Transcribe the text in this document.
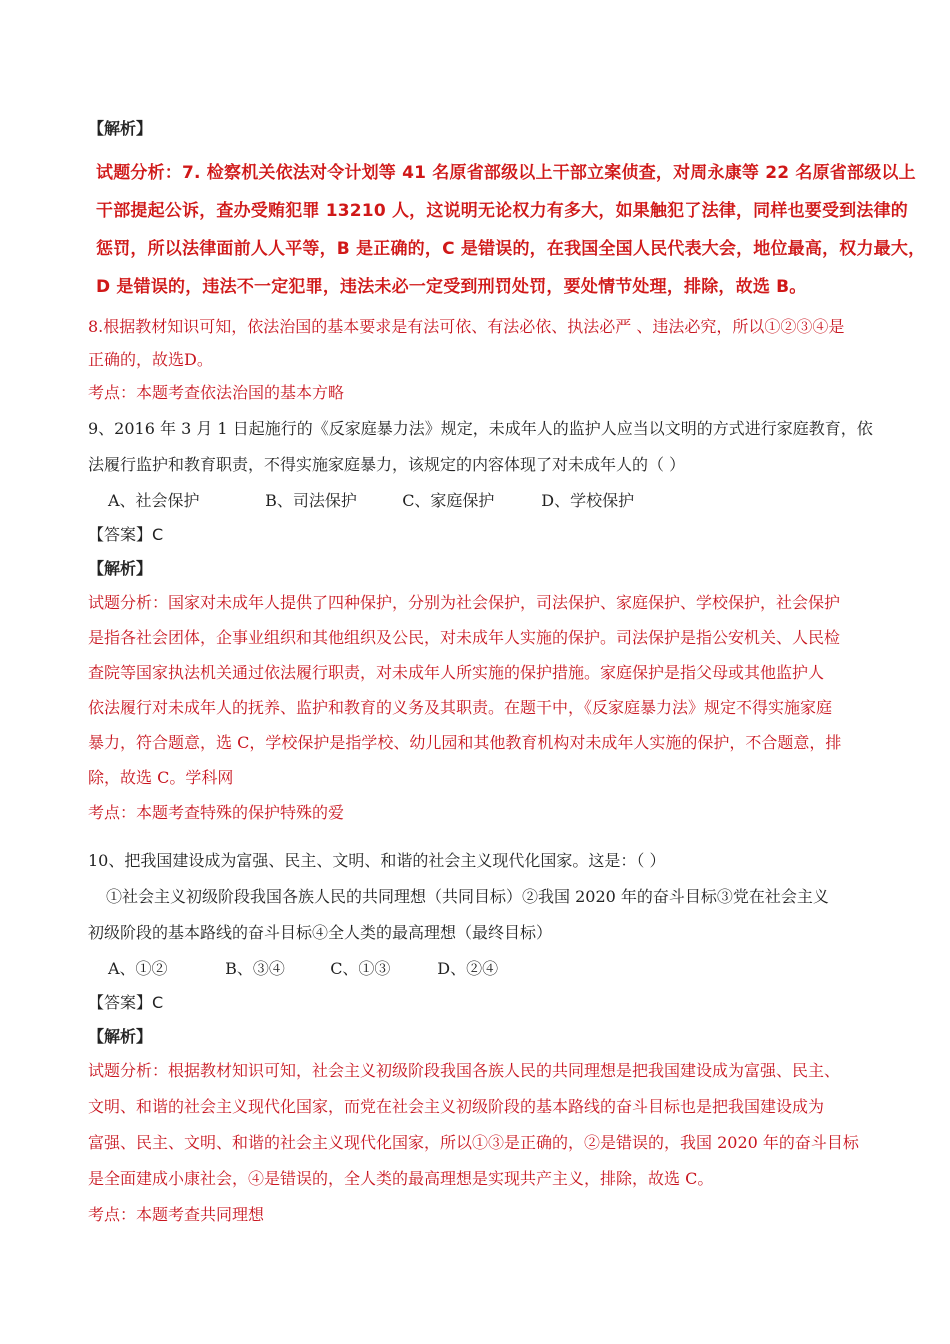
【解析】
试题分析：7. 检察机关依法对令计划等 41 名原省部级以上干部立案侦查，对周永康等 22 名原省部级以上
干部提起公诉，查办受贿犯罪 13210 人，这说明无论权力有多大，如果触犯了法律，同样也要受到法律的
惩罚，所以法律面前人人平等，B 是正确的，C 是错误的，在我国全国人民代表大会，地位最高，权力最大，
D 是错误的，违法不一定犯罪，违法未必一定受到刑罚处罚，要处情节处理，排除，故选 B。
8.根据教材知识可知，依法治国的基本要求是有法可依、有法必依、执法必严 、违法必究，所以①②③④是
正确的，故选D。
考点：本题考查依法治国的基本方略
9、2016 年 3 月 1 日起施行的《反家庭暴力法》规定，未成年人的监护人应当以文明的方式进行家庭教育，依
法履行监护和教育职责，不得实施家庭暴力，该规定的内容体现了对未成年人的（ ）
A、社会保护	B、司法保护	C、家庭保护	D、学校保护
【答案】C
【解析】
试题分析：国家对未成年人提供了四种保护，分别为社会保护，司法保护、家庭保护、学校保护，社会保护
是指各社会团体，企事业组织和其他组织及公民，对未成年人实施的保护。司法保护是指公安机关、人民检
查院等国家执法机关通过依法履行职责，对未成年人所实施的保护措施。家庭保护是指父母或其他监护人
依法履行对未成年人的抚养、监护和教育的义务及其职责。在题干中，《反家庭暴力法》规定不得实施家庭
暴力，符合题意，选 C，学校保护是指学校、幼儿园和其他教育机构对未成年人实施的保护，不合题意，排
除，故选 C。学科网
考点：本题考查特殊的保护特殊的爱
10、把我国建设成为富强、民主、文明、和谐的社会主义现代化国家。这是：（ ）
①社会主义初级阶段我国各族人民的共同理想（共同目标）②我国 2020 年的奋斗目标③党在社会主义
初级阶段的基本路线的奋斗目标④全人类的最高理想（最终目标）
A、①②	B、③④	C、①③	D、②④
【答案】C
【解析】
试题分析：根据教材知识可知，社会主义初级阶段我国各族人民的共同理想是把我国建设成为富强、民主、
文明、和谐的社会主义现代化国家，而党在社会主义初级阶段的基本路线的奋斗目标也是把我国建设成为
富强、民主、文明、和谐的社会主义现代化国家，所以①③是正确的，②是错误的，我国 2020 年的奋斗目标
是全面建成小康社会，④是错误的，全人类的最高理想是实现共产主义，排除，故选 C。
考点：本题考查共同理想
